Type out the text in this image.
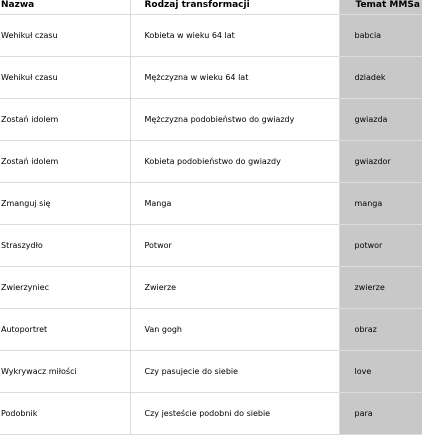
Nazwa	Rodzaj transformacji	Temat MMSa
Wehikuł czasu	Kobieta w wieku 64 lat	babcia
Wehikuł czasu	Mężczyzna w wieku 64 lat	dziadek
Zostań idolem	Mężczyzna podobieństwo do gwiazdy	gwiazda
Zostań idolem	Kobieta podobieństwo do gwiazdy	gwiazdor
Zmanguj się	Manga	manga
Straszydło	Potwor	potwor
Zwierzyniec	Zwierze	zwierze
Autoportret	Van gogh	obraz
Wykrywacz miłości	Czy pasujecie do siebie	love
Podobnik	Czy jesteście podobni do siebie	para
